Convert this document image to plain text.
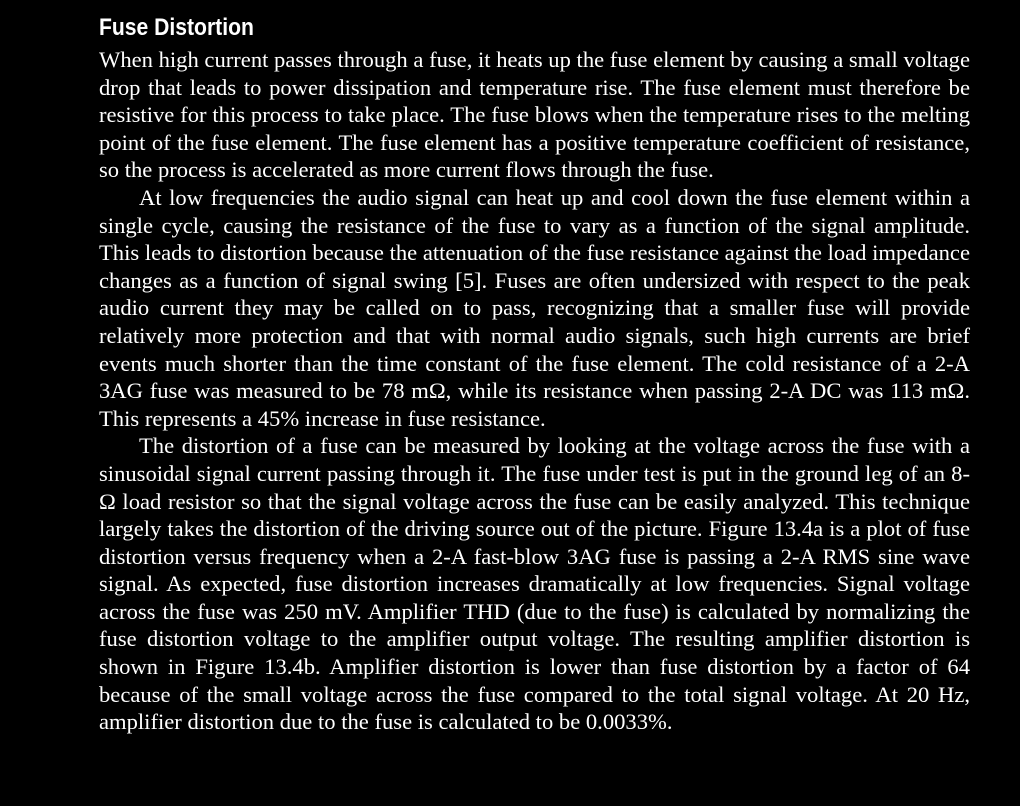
Fuse Distortion

When high current passes through a fuse, it heats up the fuse element by causing a small voltage drop that leads to power dissipation and temperature rise. The fuse element must therefore be resistive for this process to take place. The fuse blows when the temperature rises to the melting point of the fuse element. The fuse element has a positive temperature coefficient of resistance, so the process is accelerated as more current flows through the fuse.

At low frequencies the audio signal can heat up and cool down the fuse element within a single cycle, causing the resistance of the fuse to vary as a function of the signal amplitude. This leads to distortion because the attenuation of the fuse resistance against the load impedance changes as a function of signal swing [5]. Fuses are often undersized with respect to the peak audio current they may be called on to pass, recognizing that a smaller fuse will provide relatively more protection and that with normal audio signals, such high currents are brief events much shorter than the time constant of the fuse element. The cold resistance of a 2-A 3AG fuse was measured to be 78 mΩ, while its resistance when passing 2-A DC was 113 mΩ. This represents a 45% increase in fuse resistance.

The distortion of a fuse can be measured by looking at the voltage across the fuse with a sinusoidal signal current passing through it. The fuse under test is put in the ground leg of an 8-Ω load resistor so that the signal voltage across the fuse can be easily analyzed. This technique largely takes the distortion of the driving source out of the picture. Figure 13.4a is a plot of fuse distortion versus frequency when a 2-A fast-blow 3AG fuse is passing a 2-A RMS sine wave signal. As expected, fuse distortion increases dramatically at low frequencies. Signal voltage across the fuse was 250 mV. Amplifier THD (due to the fuse) is calculated by normalizing the fuse distortion voltage to the amplifier output voltage. The resulting amplifier distortion is shown in Figure 13.4b. Amplifier distortion is lower than fuse distortion by a factor of 64 because of the small voltage across the fuse compared to the total signal voltage. At 20 Hz, amplifier distortion due to the fuse is calculated to be 0.0033%.
